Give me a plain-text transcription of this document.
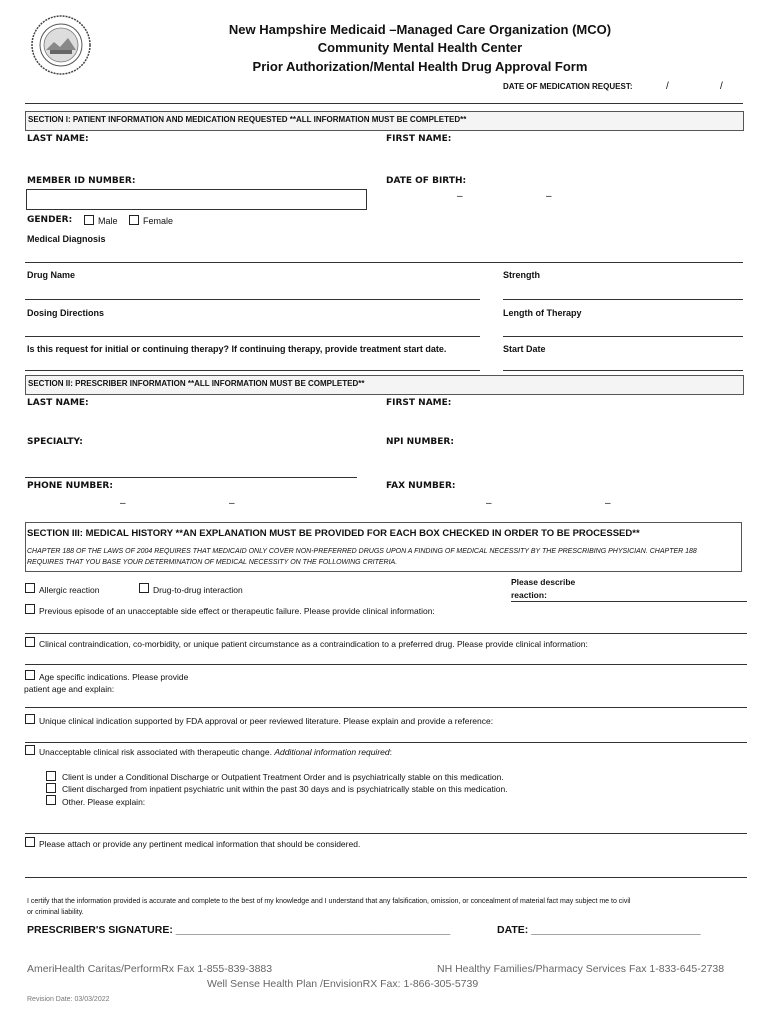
New Hampshire Medicaid –Managed Care Organization (MCO)
Community Mental Health Center
Prior Authorization/Mental Health Drug Approval Form
DATE OF MEDICATION REQUEST:	/	/
SECTION I: PATIENT INFORMATION AND MEDICATION REQUESTED **ALL INFORMATION MUST BE COMPLETED**
LAST NAME:	FIRST NAME:
MEMBER ID NUMBER:	DATE OF BIRTH:
–	–
GENDER:	Male	Female
Medical Diagnosis
Drug Name	Strength
Dosing Directions	Length of Therapy
Is this request for initial or continuing therapy? If continuing therapy, provide treatment start date.	Start Date
SECTION II: PRESCRIBER INFORMATION **ALL INFORMATION MUST BE COMPLETED**
LAST NAME:	FIRST NAME:
SPECIALTY:	NPI NUMBER:
PHONE NUMBER:	FAX NUMBER:
–	–	–	–
SECTION III: MEDICAL HISTORY **AN EXPLANATION MUST BE PROVIDED FOR EACH BOX CHECKED IN ORDER TO BE PROCESSED**
CHAPTER 188 OF THE LAWS OF 2004 REQUIRES THAT MEDICAID ONLY COVER NON-PREFERRED DRUGS UPON A FINDING OF MEDICAL NECESSITY BY THE PRESCRIBING PHYSICIAN. CHAPTER 188
REQUIRES THAT YOU BASE YOUR DETERMINATION OF MEDICAL NECESSITY ON THE FOLLOWING CRITERIA.
Allergic reaction	Drug-to-drug interaction
Please describe
reaction:
Previous episode of an unacceptable side effect or therapeutic failure. Please provide clinical information:
Clinical contraindication, co-morbidity, or unique patient circumstance as a contraindication to a preferred drug. Please provide clinical information:
Age specific indications. Please provide
patient age and explain:
Unique clinical indication supported by FDA approval or peer reviewed literature. Please explain and provide a reference:
Unacceptable clinical risk associated with therapeutic change. Additional information required:
Client is under a Conditional Discharge or Outpatient Treatment Order and is psychiatrically stable on this medication.
Client discharged from inpatient psychiatric unit within the past 30 days and is psychiatrically stable on this medication.
Other. Please explain:
Please attach or provide any pertinent medical information that should be considered.
I certify that the information provided is accurate and complete to the best of my knowledge and I understand that any falsification, omission, or concealment of material fact may subject me to civil
or criminal liability.
PRESCRIBER'S SIGNATURE: _______________________________________________	DATE: _____________________________
AmeriHealth Caritas/PerformRx Fax 1-855-839-3883	NH Healthy Families/Pharmacy Services Fax 1-833-645-2738
Well Sense Health Plan /EnvisionRX Fax: 1-866-305-5739
Revision Date: 03/03/2022
